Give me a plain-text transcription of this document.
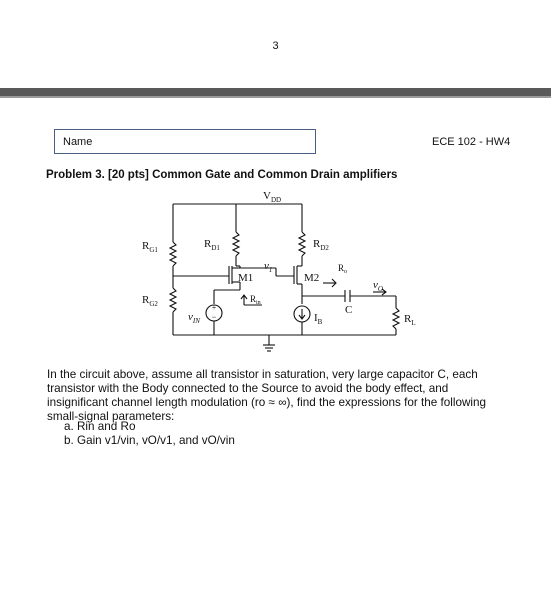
3
Name	ECE 102 - HW4
Problem 3. [20 pts] Common Gate and Common Drain amplifiers
+
−
$V_{DD}$
$R_{G1}$
$R_{G2}$
$R_{D1}$	$R_{D2}$
M1	M2
$v_1$	$R_o$
$v_O$
$v_{IN}$
$R_{in}$
C
$I_B$	$R_L$
In the circuit above, assume all transistor in saturation, very large capacitor C, each transistor with the Body connected to the Source to avoid the body effect, and insignificant channel length modulation (ro ≈ ∞), find the expressions for the following small-signal parameters:
a. Rin and Ro
b. Gain v1/vin, vO/v1, and vO/vin
